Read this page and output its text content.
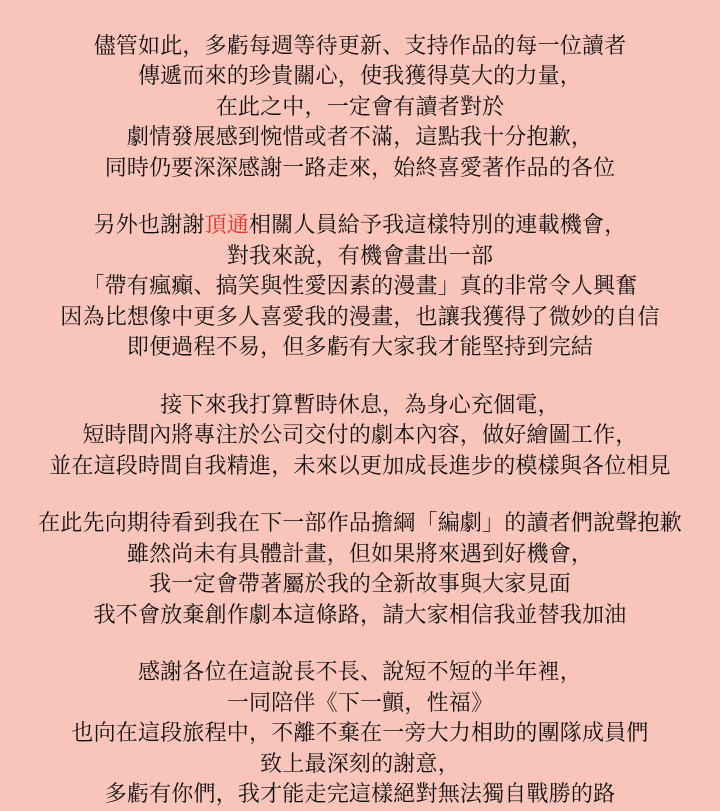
儘管如此，多虧每週等待更新、支持作品的每一位讀者
傳遞而來的珍貴關心，使我獲得莫大的力量，
在此之中，一定會有讀者對於
劇情發展感到惋惜或者不滿，這點我十分抱歉，
同時仍要深深感謝一路走來，始終喜愛著作品的各位
另外也謝謝頂通相關人員給予我這樣特別的連載機會，
對我來說，有機會畫出一部
「帶有瘋癲、搞笑與性愛因素的漫畫」真的非常令人興奮
因為比想像中更多人喜愛我的漫畫，也讓我獲得了微妙的自信
即便過程不易，但多虧有大家我才能堅持到完結
接下來我打算暫時休息，為身心充個電，
短時間內將專注於公司交付的劇本內容，做好繪圖工作，
並在這段時間自我精進，未來以更加成長進步的模樣與各位相見
在此先向期待看到我在下一部作品擔綱「編劇」的讀者們說聲抱歉
雖然尚未有具體計畫，但如果將來遇到好機會，
我一定會帶著屬於我的全新故事與大家見面
我不會放棄創作劇本這條路，請大家相信我並替我加油
感謝各位在這說長不長、說短不短的半年裡，
一同陪伴《下一顫，性福》
也向在這段旅程中，不離不棄在一旁大力相助的團隊成員們
致上最深刻的謝意，
多虧有你們，我才能走完這樣絕對無法獨自戰勝的路
